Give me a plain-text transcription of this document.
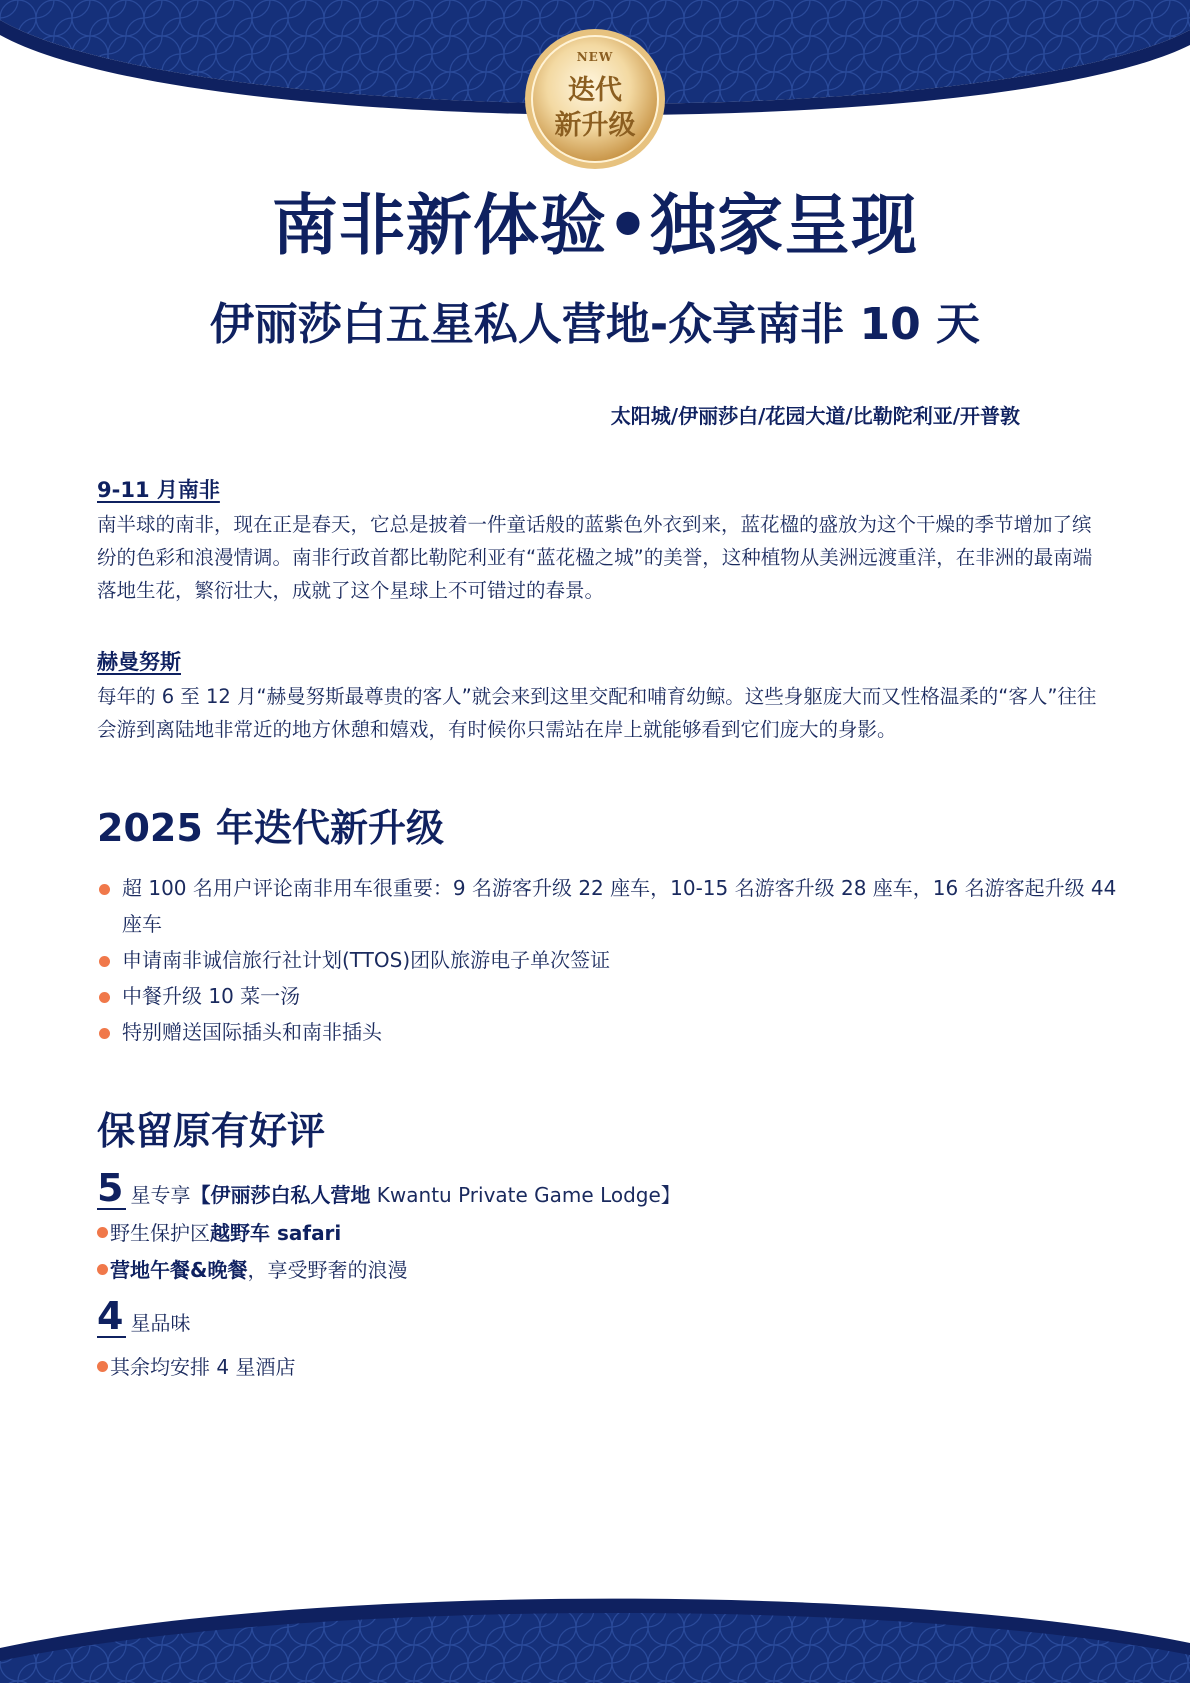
NEW
迭代
新升级
南非新体验•独家呈现
伊丽莎白五星私人营地-众享南非 10 天
太阳城/伊丽莎白/花园大道/比勒陀利亚/开普敦
9-11 月南非
南半球的南非，现在正是春天，它总是披着一件童话般的蓝紫色外衣到来，蓝花楹的盛放为这个干燥的季节增加了缤纷的色彩和浪漫情调。南非行政首都比勒陀利亚有“蓝花楹之城”的美誉，这种植物从美洲远渡重洋，在非洲的最南端落地生花，繁衍壮大，成就了这个星球上不可错过的春景。
赫曼努斯
每年的 6 至 12 月“赫曼努斯最尊贵的客人”就会来到这里交配和哺育幼鲸。这些身躯庞大而又性格温柔的“客人”往往会游到离陆地非常近的地方休憩和嬉戏，有时候你只需站在岸上就能够看到它们庞大的身影。
2025 年迭代新升级
超 100 名用户评论南非用车很重要：9 名游客升级 22 座车，10-15 名游客升级 28 座车，16 名游客起升级 44 座车
申请南非诚信旅行社计划(TTOS)团队旅游电子单次签证
中餐升级 10 菜一汤
特别赠送国际插头和南非插头
保留原有好评
5 星专享【伊丽莎白私人营地 Kwantu Private Game Lodge】
野生保护区越野车 safari
营地午餐&晚餐，享受野奢的浪漫
4 星品味
其余均安排 4 星酒店
